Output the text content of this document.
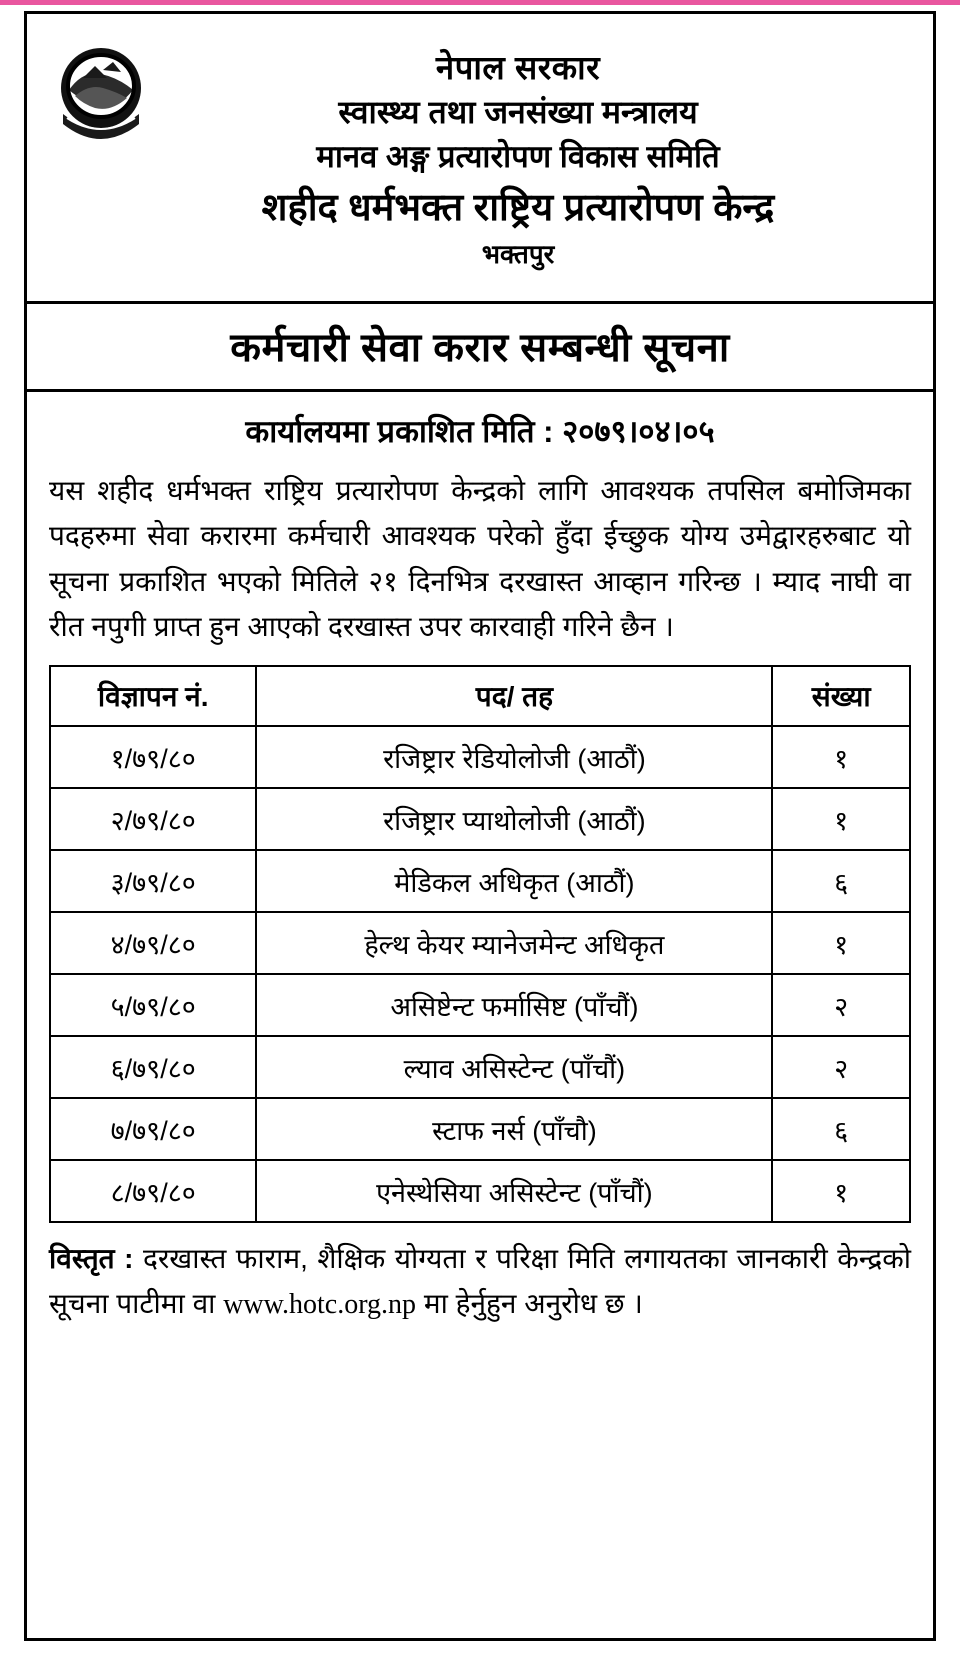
नेपाल सरकार
स्वास्थ्य तथा जनसंख्या मन्त्रालय
मानव अङ्ग प्रत्यारोपण विकास समिति
शहीद धर्मभक्त राष्ट्रिय प्रत्यारोपण केन्द्र
भक्तपुर
कर्मचारी सेवा करार सम्बन्धी सूचना
कार्यालयमा प्रकाशित मिति : २०७९।०४।०५

यस शहीद धर्मभक्त राष्ट्रिय प्रत्यारोपण केन्द्रको लागि आवश्यक तपसिल बमोजिमका पदहरुमा सेवा करारमा कर्मचारी आवश्यक परेको हुँदा ईच्छुक योग्य उमेद्वारहरुबाट यो सूचना प्रकाशित भएको मितिले २१ दिनभित्र दरखास्त आव्हान गरिन्छ । म्याद नाघी वा रीत नपुगी प्राप्त हुन आएको दरखास्त उपर कारवाही गरिने छैन ।

विज्ञापन नं.	पद/ तह	संख्या
१/७९/८०	रजिष्ट्रार रेडियोलोजी (आठौं)	१
२/७९/८०	रजिष्ट्रार प्याथोलोजी (आठौं)	१
३/७९/८०	मेडिकल अधिकृत (आठौं)	६
४/७९/८०	हेल्थ केयर म्यानेजमेन्ट अधिकृत	१
५/७९/८०	असिष्टेन्ट फर्मासिष्ट (पाँचौं)	२
६/७९/८०	ल्याव असिस्टेन्ट (पाँचौं)	२
७/७९/८०	स्टाफ नर्स (पाँचौ)	६
८/७९/८०	एनेस्थेसिया असिस्टेन्ट (पाँचौं)	१

विस्तृत : दरखास्त फाराम, शैक्षिक योग्यता र परिक्षा मिति लगायतका जानकारी केन्द्रको सूचना पाटीमा वा www.hotc.org.np मा हेर्नुहुन अनुरोध छ ।
